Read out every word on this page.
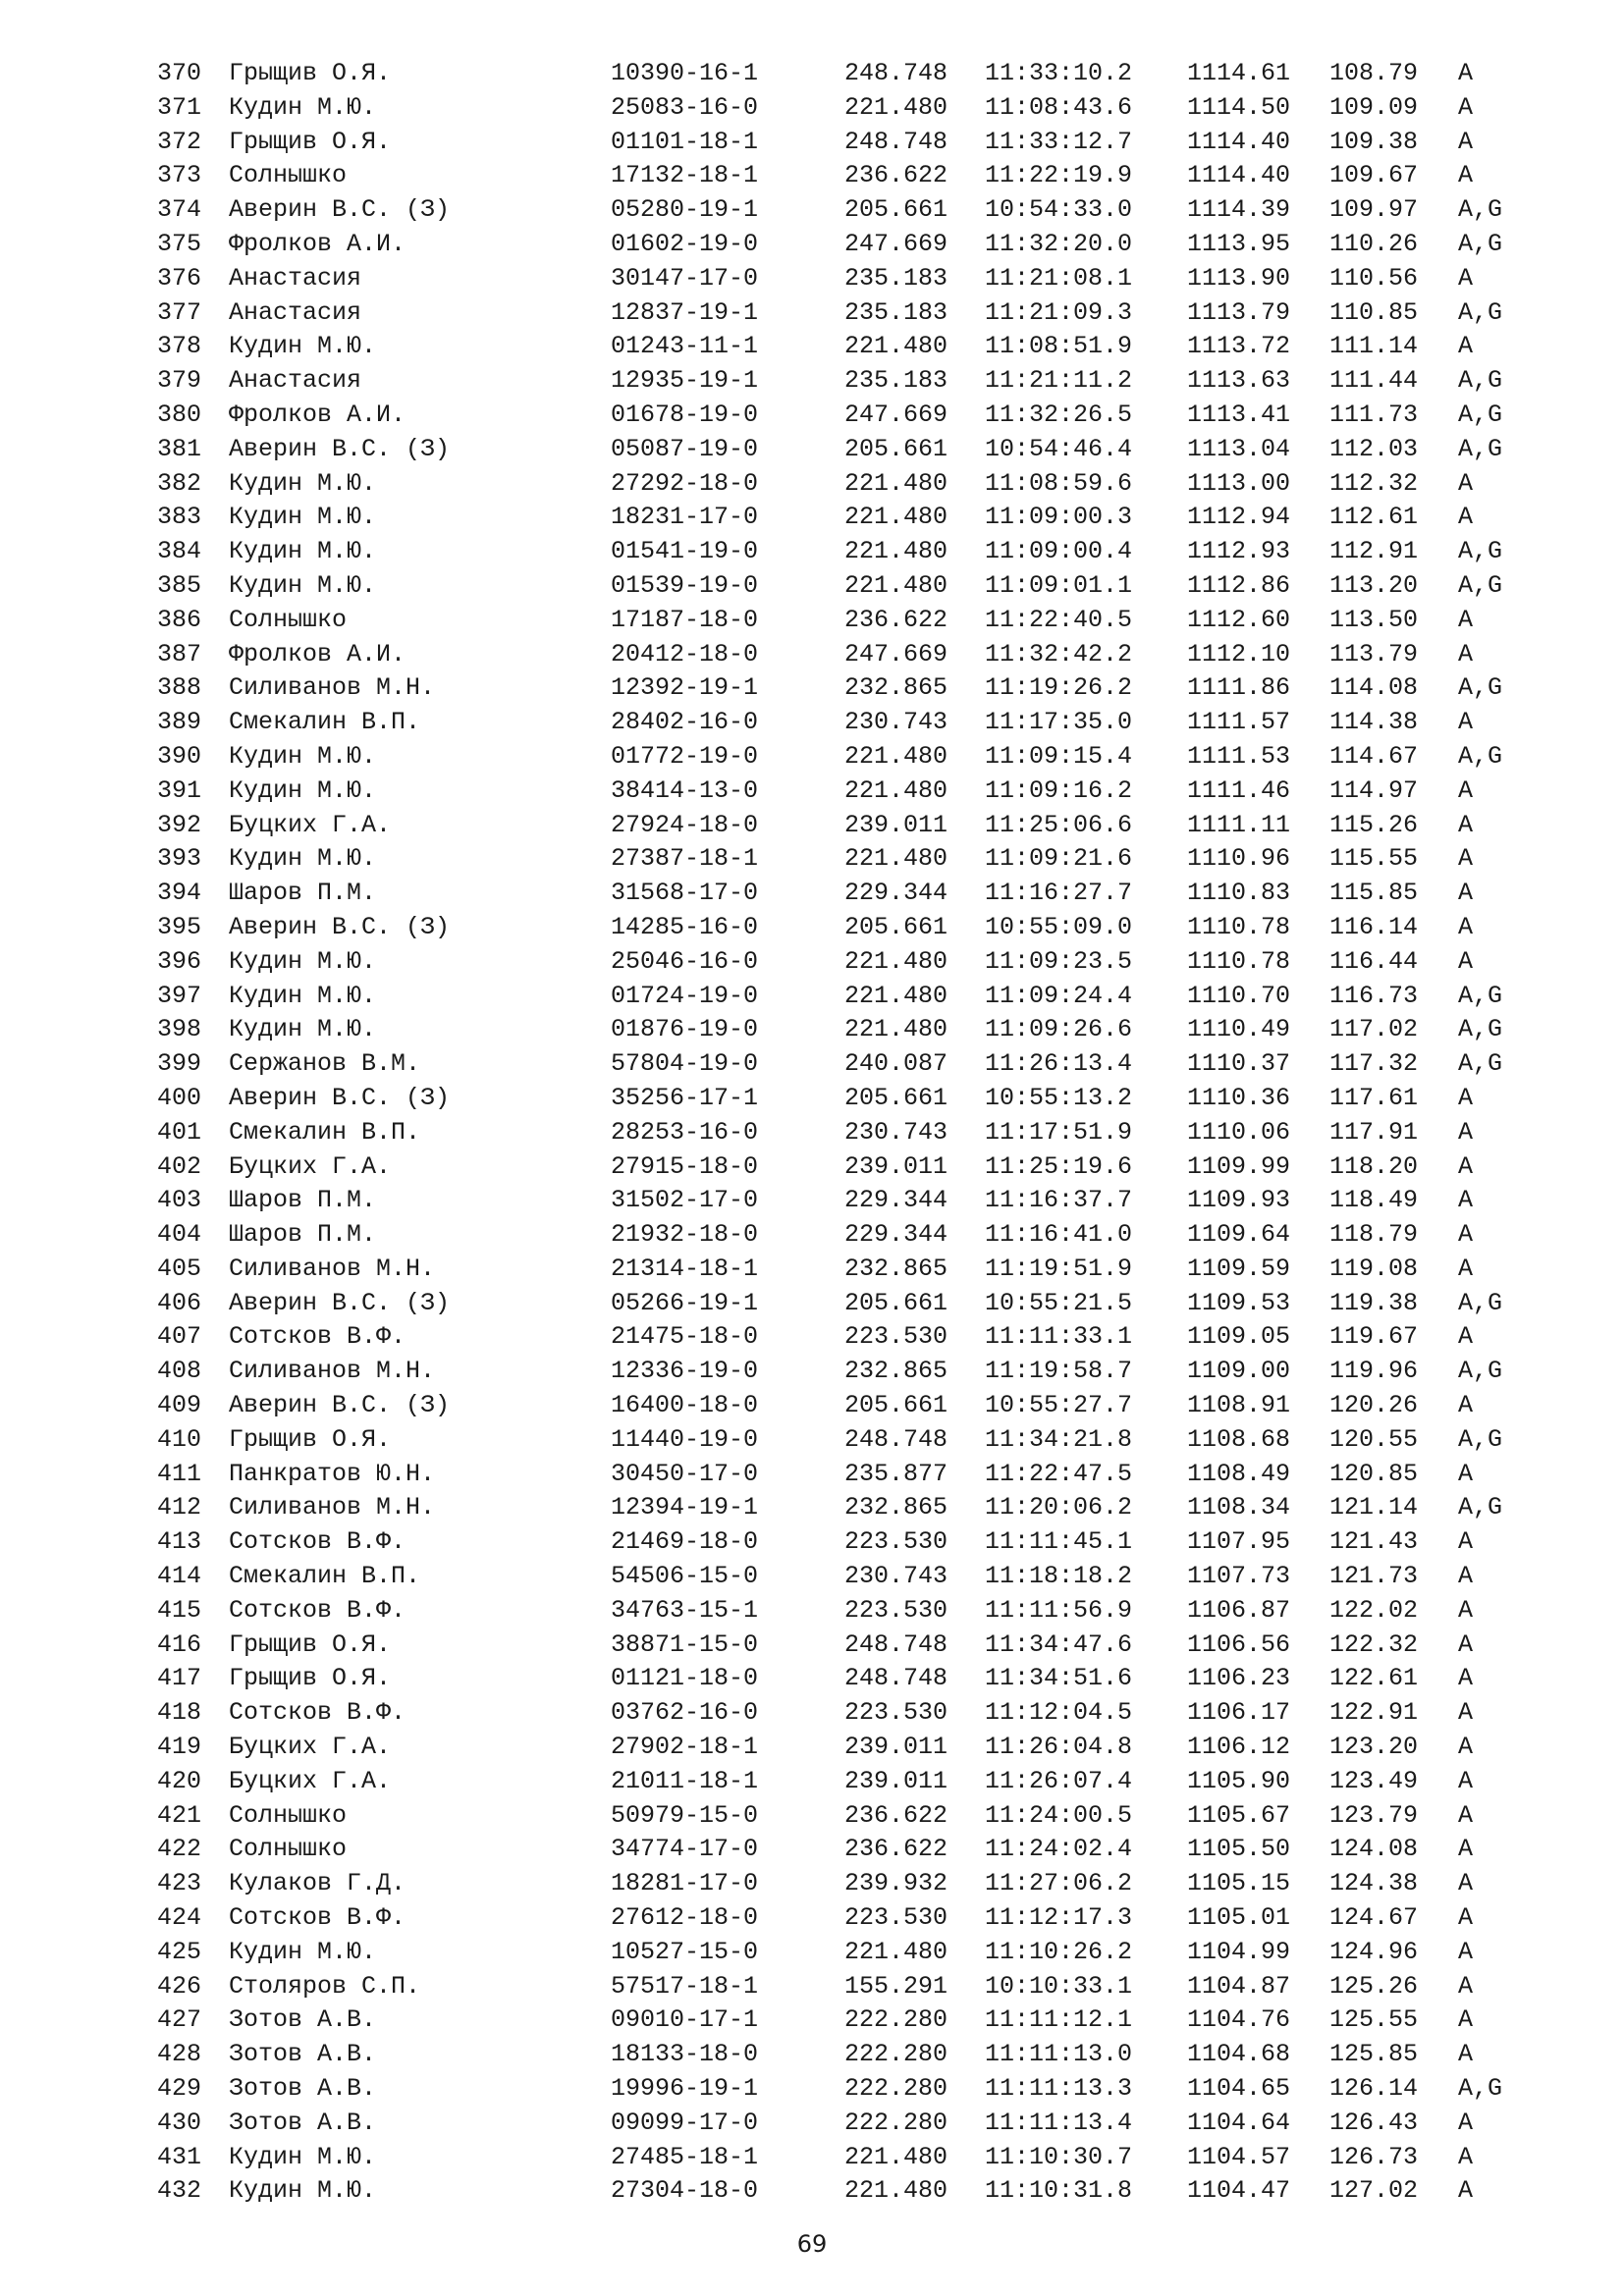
370 Грыщив О.Я.	10390-16-1	248.748 11:33:10.2 1114.61 108.79 A
371 Кудин М.Ю.	25083-16-0	221.480 11:08:43.6 1114.50 109.09 A
372 Грыщив О.Я.	01101-18-1	248.748 11:33:12.7 1114.40 109.38 A
373 Солнышко	17132-18-1	236.622 11:22:19.9 1114.40 109.67 A
374 Аверин В.С. (З)	05280-19-1	205.661 10:54:33.0 1114.39 109.97 A,G
375 Фролков А.И.	01602-19-0	247.669 11:32:20.0 1113.95 110.26 A,G
376 Анастасия	30147-17-0	235.183 11:21:08.1 1113.90 110.56 A
377 Анастасия	12837-19-1	235.183 11:21:09.3 1113.79 110.85 A,G
378 Кудин М.Ю.	01243-11-1	221.480 11:08:51.9 1113.72 111.14 A
379 Анастасия	12935-19-1	235.183 11:21:11.2 1113.63 111.44 A,G
380 Фролков А.И.	01678-19-0	247.669 11:32:26.5 1113.41 111.73 A,G
381 Аверин В.С. (З)	05087-19-0	205.661 10:54:46.4 1113.04 112.03 A,G
382 Кудин М.Ю.	27292-18-0	221.480 11:08:59.6 1113.00 112.32 A
383 Кудин М.Ю.	18231-17-0	221.480 11:09:00.3 1112.94 112.61 A
384 Кудин М.Ю.	01541-19-0	221.480 11:09:00.4 1112.93 112.91 A,G
385 Кудин М.Ю.	01539-19-0	221.480 11:09:01.1 1112.86 113.20 A,G
386 Солнышко	17187-18-0	236.622 11:22:40.5 1112.60 113.50 A
387 Фролков А.И.	20412-18-0	247.669 11:32:42.2 1112.10 113.79 A
388 Силиванов М.Н.	12392-19-1	232.865 11:19:26.2 1111.86 114.08 A,G
389 Смекалин В.П.	28402-16-0	230.743 11:17:35.0 1111.57 114.38 A
390 Кудин М.Ю.	01772-19-0	221.480 11:09:15.4 1111.53 114.67 A,G
391 Кудин М.Ю.	38414-13-0	221.480 11:09:16.2 1111.46 114.97 A
392 Буцких Г.А.	27924-18-0	239.011 11:25:06.6 1111.11 115.26 A
393 Кудин М.Ю.	27387-18-1	221.480 11:09:21.6 1110.96 115.55 A
394 Шаров П.М.	31568-17-0	229.344 11:16:27.7 1110.83 115.85 A
395 Аверин В.С. (З)	14285-16-0	205.661 10:55:09.0 1110.78 116.14 A
396 Кудин М.Ю.	25046-16-0	221.480 11:09:23.5 1110.78 116.44 A
397 Кудин М.Ю.	01724-19-0	221.480 11:09:24.4 1110.70 116.73 A,G
398 Кудин М.Ю.	01876-19-0	221.480 11:09:26.6 1110.49 117.02 A,G
399 Сержанов В.М.	57804-19-0	240.087 11:26:13.4 1110.37 117.32 A,G
400 Аверин В.С. (З)	35256-17-1	205.661 10:55:13.2 1110.36 117.61 A
401 Смекалин В.П.	28253-16-0	230.743 11:17:51.9 1110.06 117.91 A
402 Буцких Г.А.	27915-18-0	239.011 11:25:19.6 1109.99 118.20 A
403 Шаров П.М.	31502-17-0	229.344 11:16:37.7 1109.93 118.49 A
404 Шаров П.М.	21932-18-0	229.344 11:16:41.0 1109.64 118.79 A
405 Силиванов М.Н.	21314-18-1	232.865 11:19:51.9 1109.59 119.08 A
406 Аверин В.С. (З)	05266-19-1	205.661 10:55:21.5 1109.53 119.38 A,G
407 Сотсков В.Ф.	21475-18-0	223.530 11:11:33.1 1109.05 119.67 A
408 Силиванов М.Н.	12336-19-0	232.865 11:19:58.7 1109.00 119.96 A,G
409 Аверин В.С. (З)	16400-18-0	205.661 10:55:27.7 1108.91 120.26 A
410 Грыщив О.Я.	11440-19-0	248.748 11:34:21.8 1108.68 120.55 A,G
411 Панкратов Ю.Н.	30450-17-0	235.877 11:22:47.5 1108.49 120.85 A
412 Силиванов М.Н.	12394-19-1	232.865 11:20:06.2 1108.34 121.14 A,G
413 Сотсков В.Ф.	21469-18-0	223.530 11:11:45.1 1107.95 121.43 A
414 Смекалин В.П.	54506-15-0	230.743 11:18:18.2 1107.73 121.73 A
415 Сотсков В.Ф.	34763-15-1	223.530 11:11:56.9 1106.87 122.02 A
416 Грыщив О.Я.	38871-15-0	248.748 11:34:47.6 1106.56 122.32 A
417 Грыщив О.Я.	01121-18-0	248.748 11:34:51.6 1106.23 122.61 A
418 Сотсков В.Ф.	03762-16-0	223.530 11:12:04.5 1106.17 122.91 A
419 Буцких Г.А.	27902-18-1	239.011 11:26:04.8 1106.12 123.20 A
420 Буцких Г.А.	21011-18-1	239.011 11:26:07.4 1105.90 123.49 A
421 Солнышко	50979-15-0	236.622 11:24:00.5 1105.67 123.79 A
422 Солнышко	34774-17-0	236.622 11:24:02.4 1105.50 124.08 A
423 Кулаков Г.Д.	18281-17-0	239.932 11:27:06.2 1105.15 124.38 A
424 Сотсков В.Ф.	27612-18-0	223.530 11:12:17.3 1105.01 124.67 A
425 Кудин М.Ю.	10527-15-0	221.480 11:10:26.2 1104.99 124.96 A
426 Столяров С.П.	57517-18-1	155.291 10:10:33.1 1104.87 125.26 A
427 Зотов А.В.	09010-17-1	222.280 11:11:12.1 1104.76 125.55 A
428 Зотов А.В.	18133-18-0	222.280 11:11:13.0 1104.68 125.85 A
429 Зотов А.В.	19996-19-1	222.280 11:11:13.3 1104.65 126.14 A,G
430 Зотов А.В.	09099-17-0	222.280 11:11:13.4 1104.64 126.43 A
431 Кудин М.Ю.	27485-18-1	221.480 11:10:30.7 1104.57 126.73 A
432 Кудин М.Ю.	27304-18-0	221.480 11:10:31.8 1104.47 127.02 A
69
